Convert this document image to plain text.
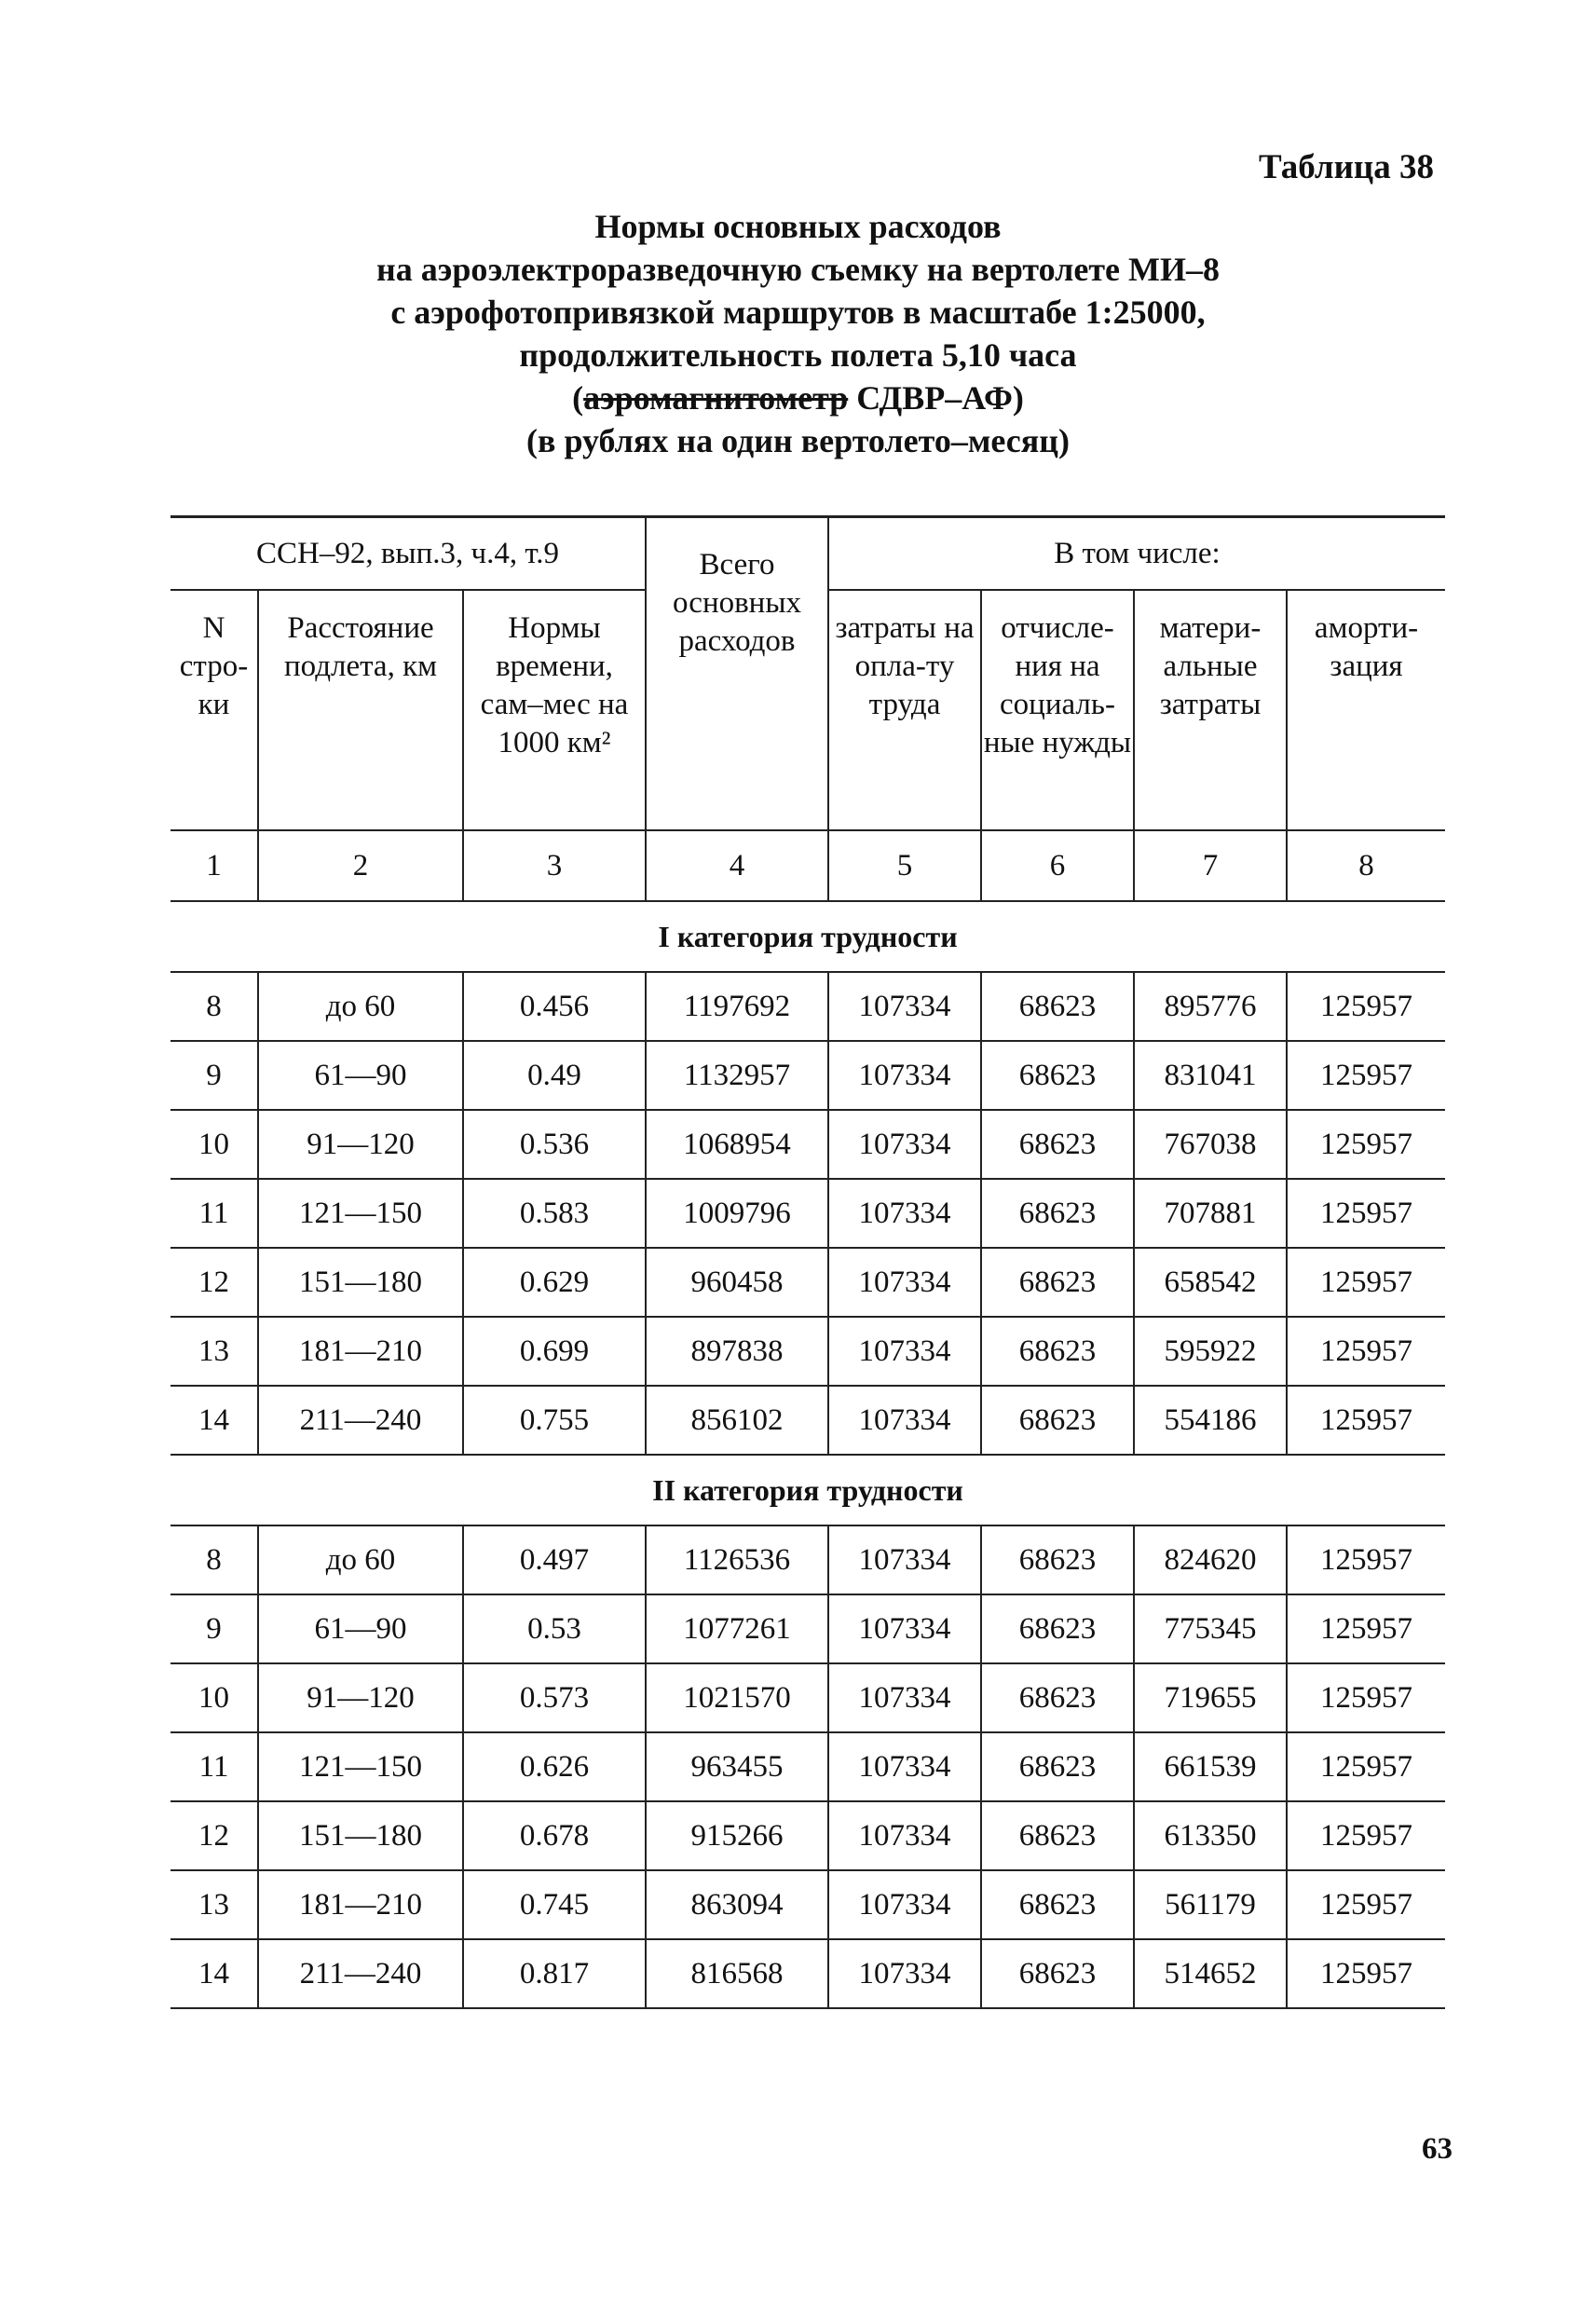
Таблица 38
Нормы основных расходов
на аэроэлектроразведочную съемку на вертолете МИ–8
с аэрофотопривязкой маршрутов в масштабе 1:25000,
продолжительность полета 5,10 часа
(аэромагнитометр СДВР–АФ)
(в рублях на один вертолето–месяц)
ССН–92, вып.3, ч.4, т.9			Всего основных расходов	В том числе:			
N стро-ки	Расстояние подлета, км	Нормы времени, сам–мес на 1000 км²		затраты на опла-ту труда	отчисле-ния на социаль-ные нужды	матери-альные затраты	аморти-зация
1	2	3	4	5	6	7	8
I категория трудности							
8	до 60	0.456	1197692	107334	68623	895776	125957
9	61—90	0.49	1132957	107334	68623	831041	125957
10	91—120	0.536	1068954	107334	68623	767038	125957
11	121—150	0.583	1009796	107334	68623	707881	125957
12	151—180	0.629	960458	107334	68623	658542	125957
13	181—210	0.699	897838	107334	68623	595922	125957
14	211—240	0.755	856102	107334	68623	554186	125957
II категория трудности							
8	до 60	0.497	1126536	107334	68623	824620	125957
9	61—90	0.53	1077261	107334	68623	775345	125957
10	91—120	0.573	1021570	107334	68623	719655	125957
11	121—150	0.626	963455	107334	68623	661539	125957
12	151—180	0.678	915266	107334	68623	613350	125957
13	181—210	0.745	863094	107334	68623	561179	125957
14	211—240	0.817	816568	107334	68623	514652	125957
63
